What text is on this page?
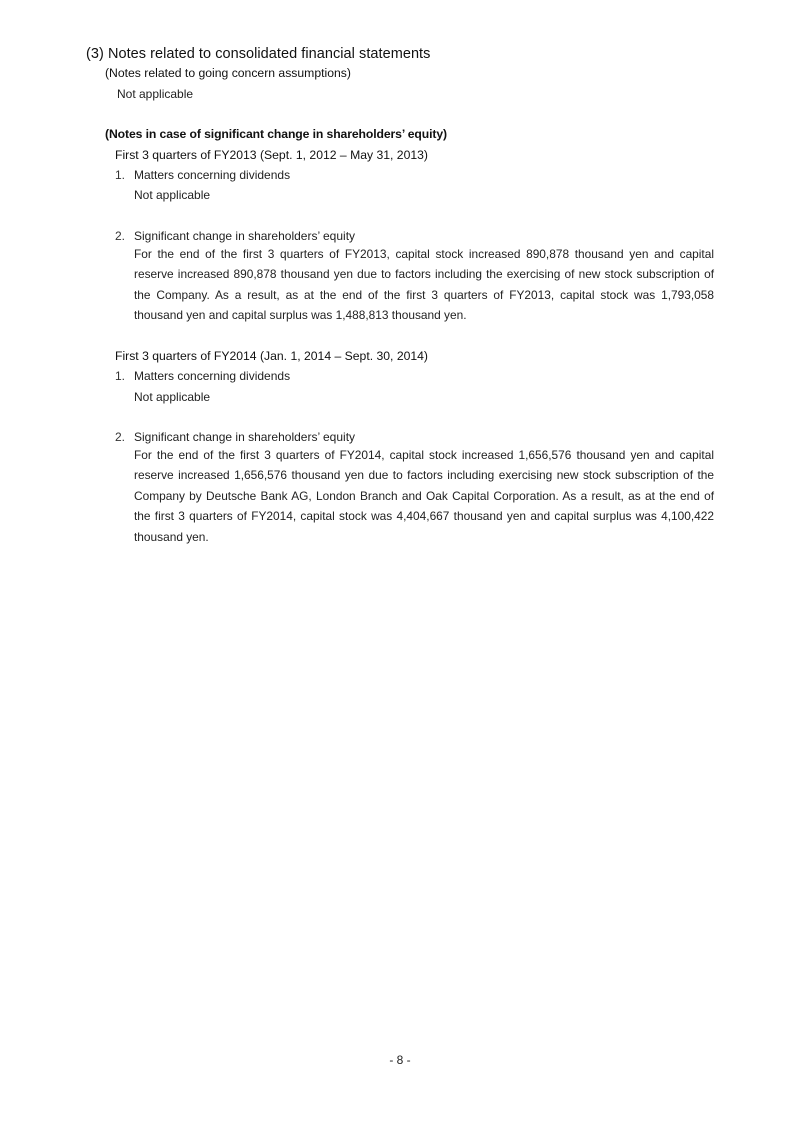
(3) Notes related to consolidated financial statements
(Notes related to going concern assumptions)
Not applicable
(Notes in case of significant change in shareholders’ equity)
First 3 quarters of FY2013 (Sept. 1, 2012 – May 31, 2013)
1. Matters concerning dividends
Not applicable
2. Significant change in shareholders’ equity
For the end of the first 3 quarters of FY2013, capital stock increased 890,878 thousand yen and capital
reserve increased 890,878 thousand yen due to factors including the exercising of new stock subscription of
the Company. As a result, as at the end of the first 3 quarters of FY2013, capital stock was 1,793,058
thousand yen and capital surplus was 1,488,813 thousand yen.
First 3 quarters of FY2014 (Jan. 1, 2014 – Sept. 30, 2014)
1. Matters concerning dividends
Not applicable
2. Significant change in shareholders’ equity
For the end of the first 3 quarters of FY2014, capital stock increased 1,656,576 thousand yen and capital
reserve increased 1,656,576 thousand yen due to factors including exercising new stock subscription of the
Company by Deutsche Bank AG, London Branch and Oak Capital Corporation. As a result, as at the end of
the first 3 quarters of FY2014, capital stock was 4,404,667 thousand yen and capital surplus was 4,100,422
thousand yen.
- 8 -
